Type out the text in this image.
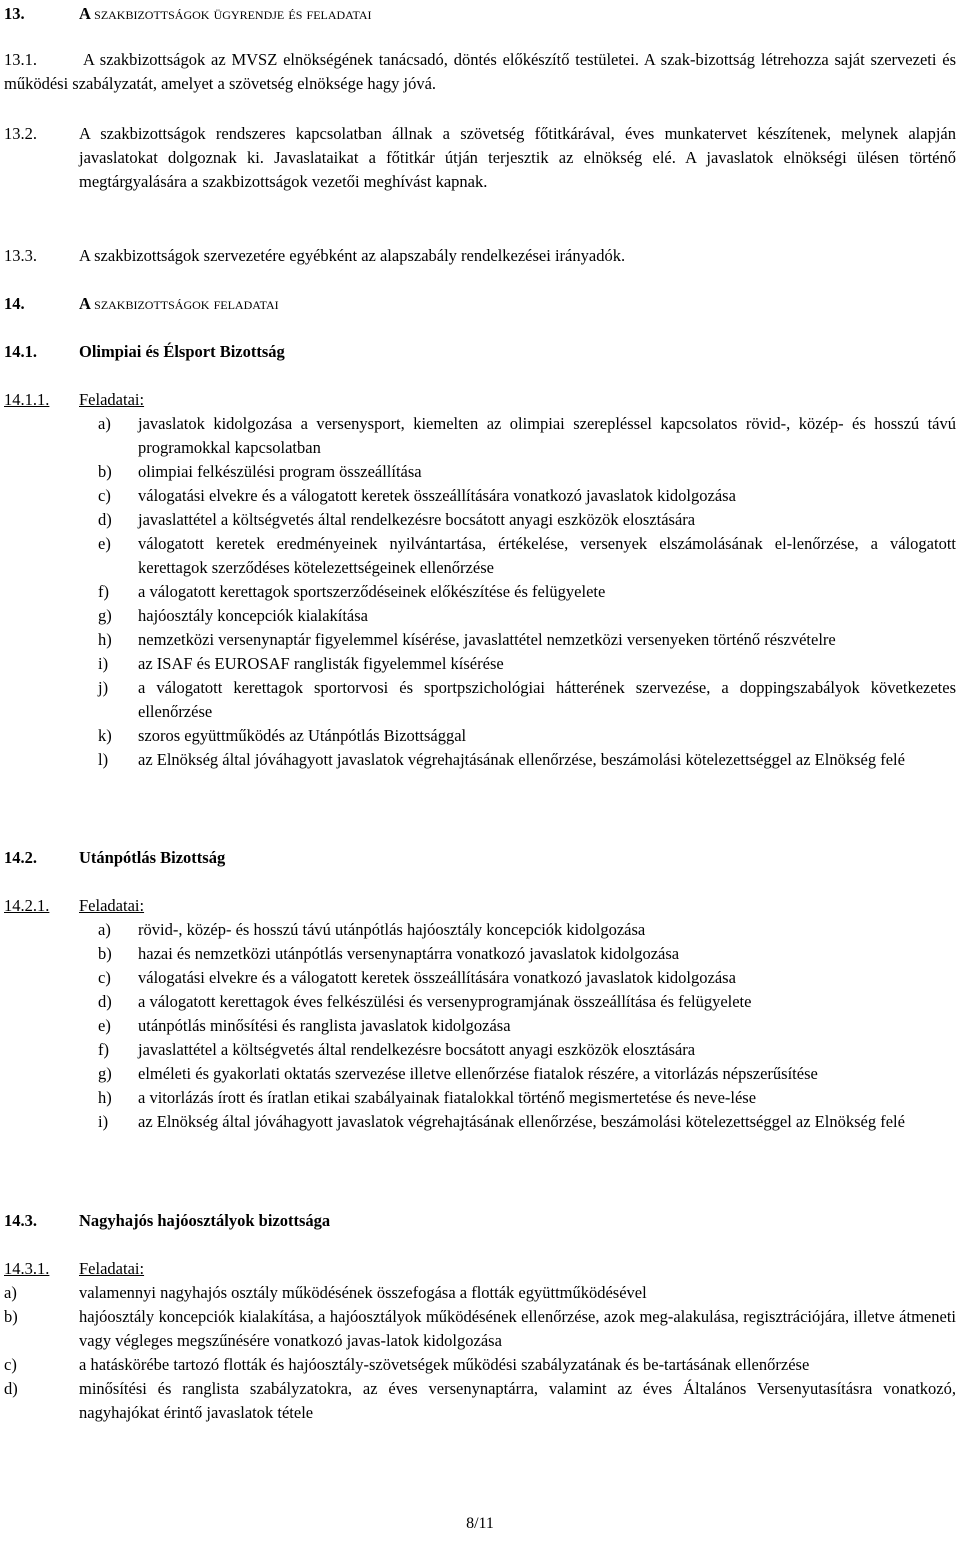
13.	A szakbizottságok ügyrendje és feladatai
13.1.	A szakbizottságok az MVSZ elnökségének tanácsadó, döntés előkészítő testületei. A szak-bizottság létrehozza saját szervezeti és működési szabályzatát, amelyet a szövetség elnöksége hagy jóvá.
13.2.	A szakbizottságok rendszeres kapcsolatban állnak a szövetség főtitkárával, éves munkatervet készítenek, melynek alapján javaslatokat dolgoznak ki. Javaslataikat a főtitkár útján terjesztik az elnökség elé. A javaslatok elnökségi ülésen történő megtárgyalására a szakbizottságok vezetői meghívást kapnak.
13.3.	A szakbizottságok szervezetére egyébként az alapszabály rendelkezései irányadók.
14.	A szakbizottságok feladatai
14.1.	Olimpiai és Élsport Bizottság
14.1.1. Feladatai:
a) javaslatok kidolgozása a versenysport, kiemelten az olimpiai szerepléssel kapcsolatos rövid-, közép- és hosszú távú programokkal kapcsolatban
b) olimpiai felkészülési program összeállítása
c) válogatási elvekre és a válogatott keretek összeállítására vonatkozó javaslatok kidolgozása
d) javaslattétel a költségvetés által rendelkezésre bocsátott anyagi eszközök elosztására
e) válogatott keretek eredményeinek nyilvántartása, értékelése, versenyek elszámolásának el-lenőrzése, a válogatott kerettagok szerződéses kötelezettségeinek ellenőrzése
f) a válogatott kerettagok sportszerződéseinek előkészítése és felügyelete
g) hajóosztály koncepciók kialakítása
h) nemzetközi versenynaptár figyelemmel kísérése, javaslattétel nemzetközi versenyeken történő részvételre
i) az ISAF és EUROSAF ranglisták figyelemmel kísérése
j) a válogatott kerettagok sportorvosi és sportpszichológiai hátterének szervezése, a doppingszabályok következetes ellenőrzése
k) szoros együttműködés az Utánpótlás Bizottsággal
l) az Elnökség által jóváhagyott javaslatok végrehajtásának ellenőrzése, beszámolási kötelezettséggel az Elnökség felé
14.2.	Utánpótlás Bizottság
14.2.1. Feladatai:
a) rövid-, közép- és hosszú távú utánpótlás hajóosztály koncepciók kidolgozása
b) hazai és nemzetközi utánpótlás versenynaptárra vonatkozó javaslatok kidolgozása
c) válogatási elvekre és a válogatott keretek összeállítására vonatkozó javaslatok kidolgozása
d) a válogatott kerettagok éves felkészülési és versenyprogramjának összeállítása és felügyelete
e) utánpótlás minősítési és ranglista javaslatok kidolgozása
f) javaslattétel a költségvetés által rendelkezésre bocsátott anyagi eszközök elosztására
g) elméleti és gyakorlati oktatás szervezése illetve ellenőrzése fiatalok részére, a vitorlázás népszerűsítése
h) a vitorlázás írott és íratlan etikai szabályainak fiatalokkal történő megismertetése és neve-lése
i) az Elnökség által jóváhagyott javaslatok végrehajtásának ellenőrzése, beszámolási kötelezettséggel az Elnökség felé
14.3.	Nagyhajós hajóosztályok bizottsága
14.3.1. Feladatai:
a)	valamennyi nagyhajós osztály működésének összefogása a flották együttműködésével
b)	hajóosztály koncepciók kialakítása, a hajóosztályok működésének ellenőrzése, azok meg-alakulása, regisztrációjára, illetve átmeneti vagy végleges megszűnésére vonatkozó javas-latok kidolgozása
c)	a hatáskörébe tartozó flották és hajóosztály-szövetségek működési szabályzatának és be-tartásának ellenőrzése
d)	minősítési és ranglista szabályzatokra, az éves versenynaptárra, valamint az éves Általános Versenyutasításra vonatkozó, nagyhajókat érintő javaslatok tétele
8/11
